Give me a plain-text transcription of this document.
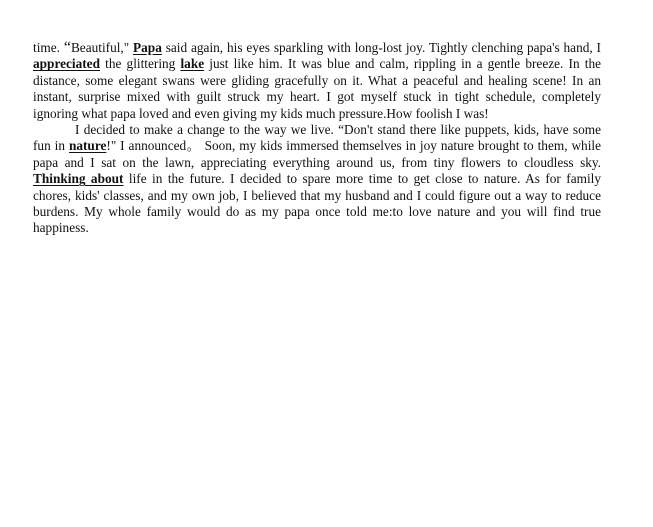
time. “Beautiful," Papa said again, his eyes sparkling with long-lost joy. Tightly clenching papa's hand, I appreciated the glittering lake just like him. It was blue and calm, rippling in a gentle breeze. In the distance, some elegant swans were gliding gracefully on it. What a peaceful and healing scene! In an instant, surprise mixed with guilt struck my heart. I got myself stuck in tight schedule, completely ignoring what papa loved and even giving my kids much pressure.How foolish I was!

I decided to make a change to the way we live. “Don't stand there like puppets, kids, have some fun in nature!" I announced。 Soon, my kids immersed themselves in joy nature brought to them, while papa and I sat on the lawn, appreciating everything around us, from tiny flowers to cloudless sky. Thinking about life in the future. I decided to spare more time to get close to nature. As for family chores, kids' classes, and my own job, I believed that my husband and I could figure out a way to reduce burdens. My whole family would do as my papa once told me:to love nature and you will find true happiness.
